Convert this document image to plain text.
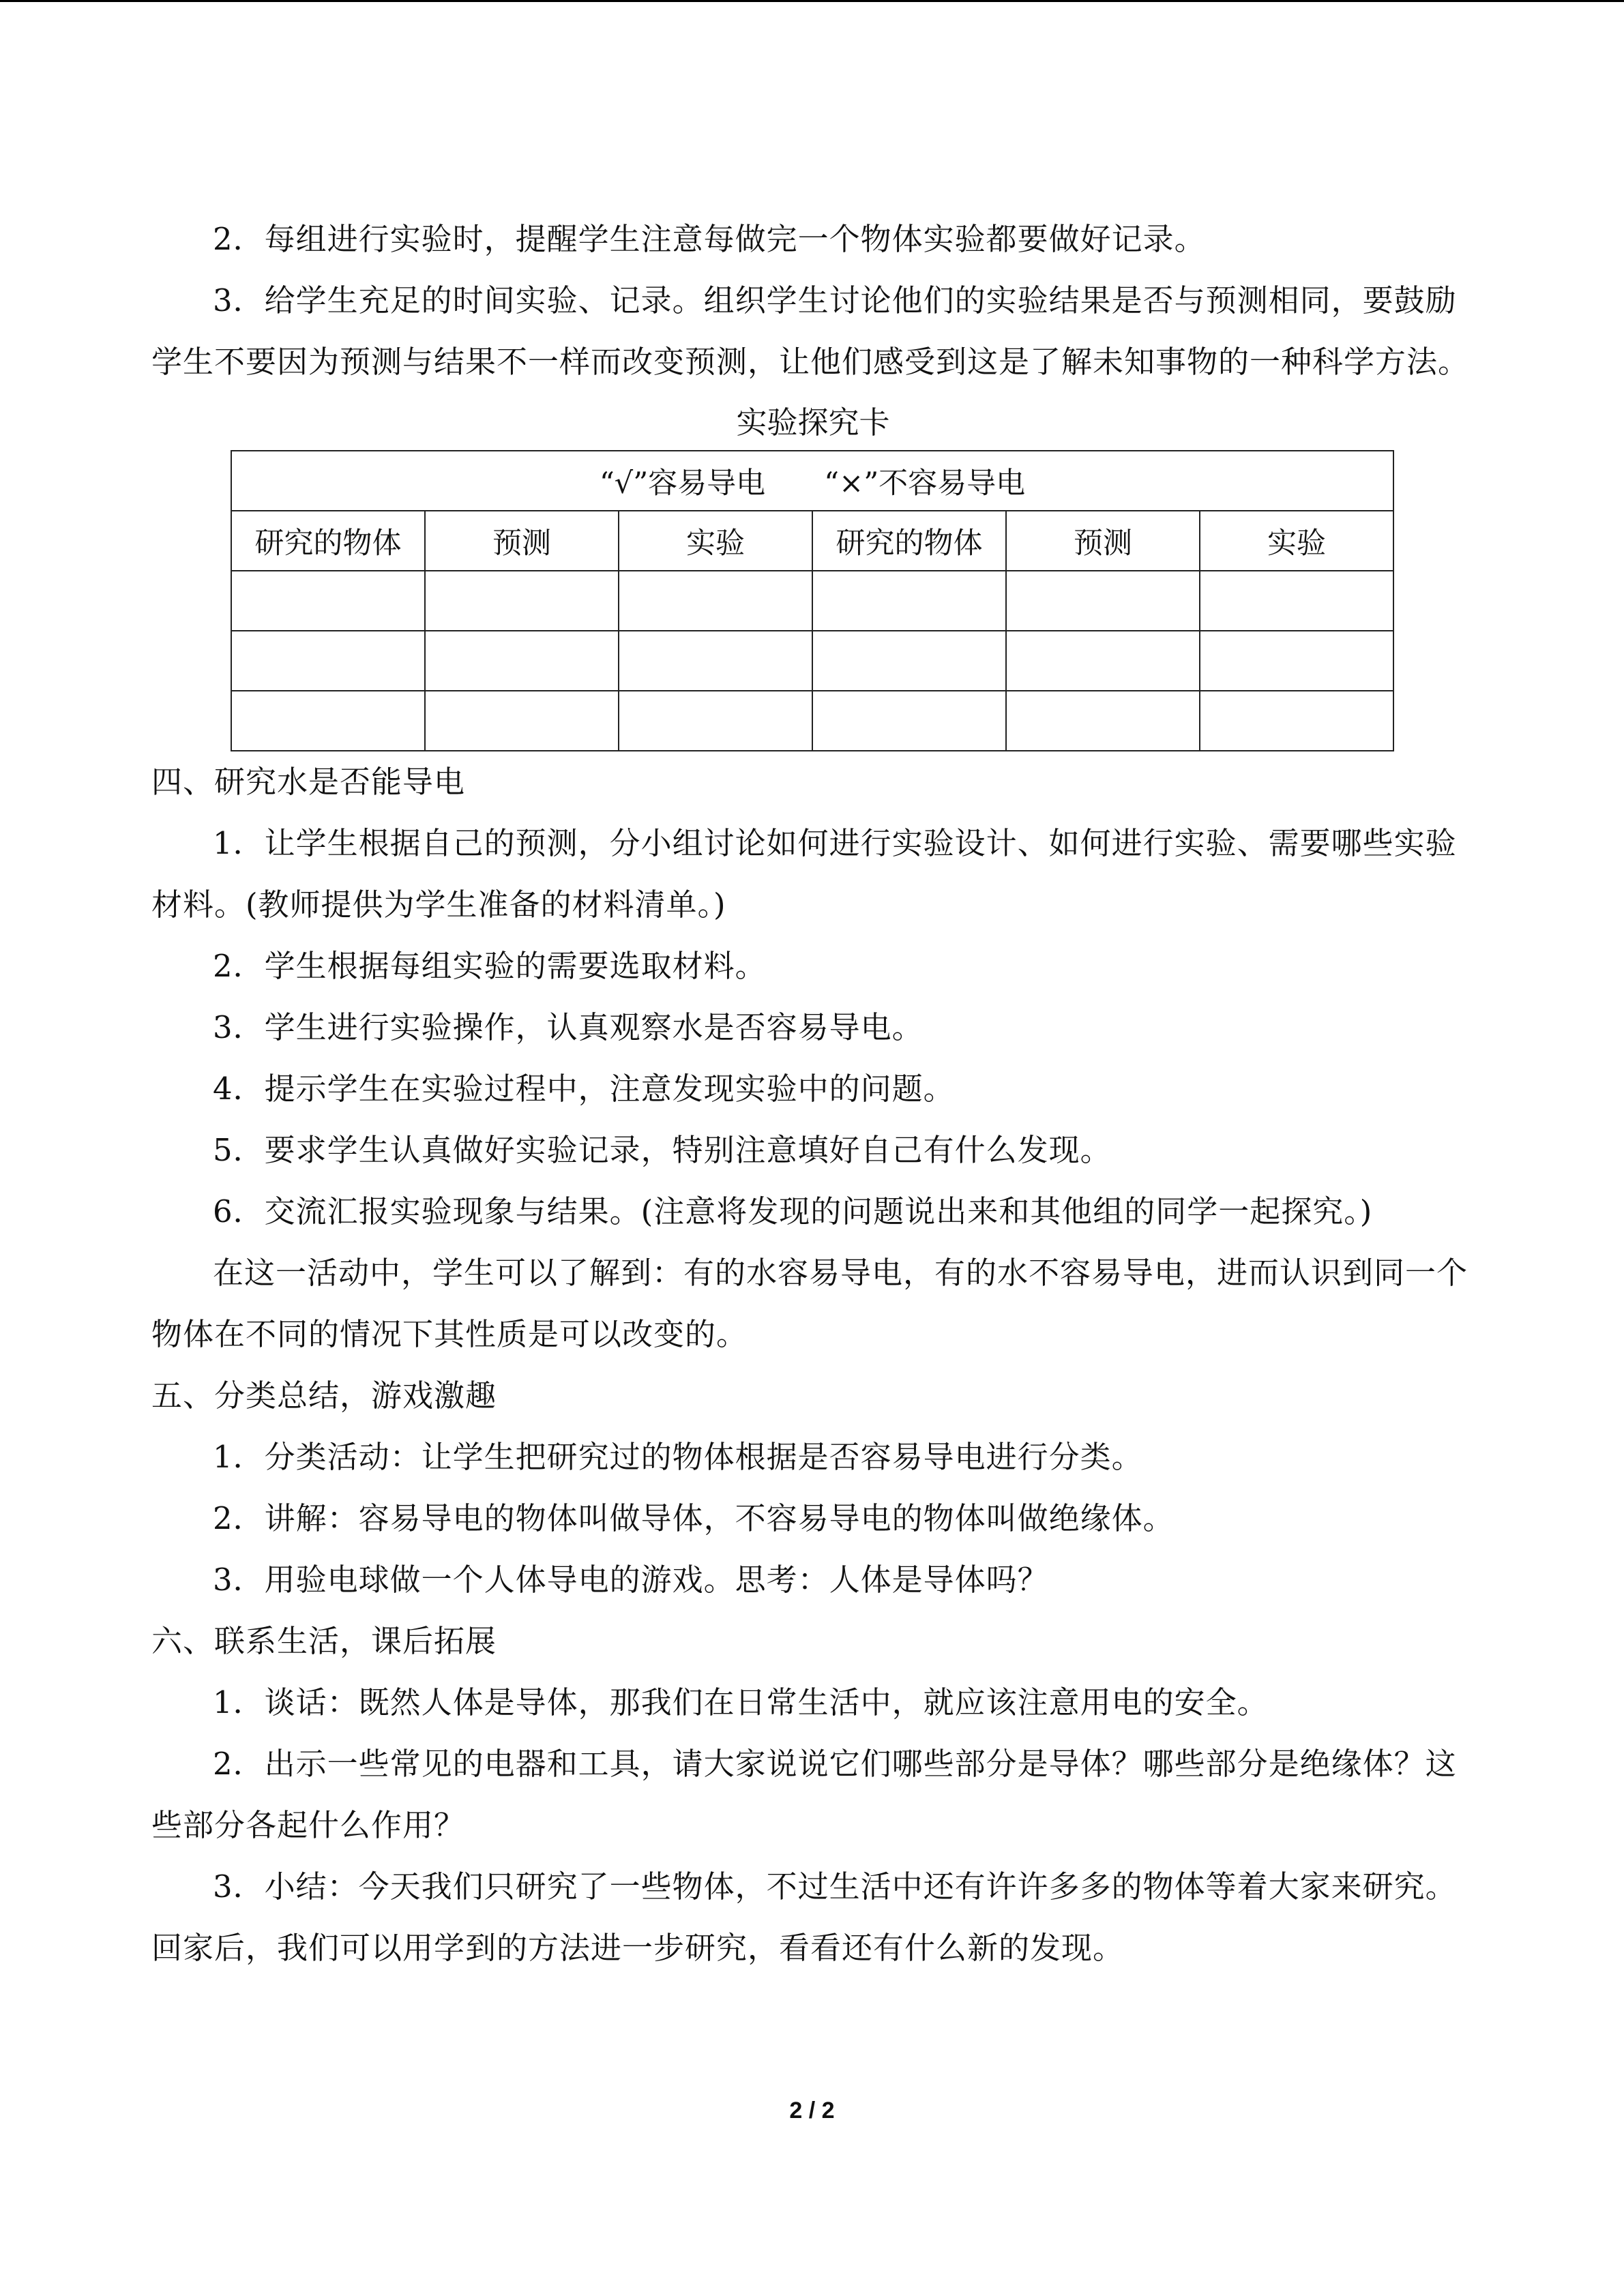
2．每组进行实验时，提醒学生注意每做完一个物体实验都要做好记录。

3．给学生充足的时间实验、记录。组织学生讨论他们的实验结果是否与预测相同，要鼓励学生不要因为预测与结果不一样而改变预测，让他们感受到这是了解未知事物的一种科学方法。

实验探究卡

“√”容易导电　　“×”不容易导电					
研究的物体	预测	实验	研究的物体	预测	实验

四、研究水是否能导电

1．让学生根据自己的预测，分小组讨论如何进行实验设计、如何进行实验、需要哪些实验材料。(教师提供为学生准备的材料清单。)

2．学生根据每组实验的需要选取材料。

3．学生进行实验操作，认真观察水是否容易导电。

4．提示学生在实验过程中，注意发现实验中的问题。

5．要求学生认真做好实验记录，特别注意填好自己有什么发现。

6．交流汇报实验现象与结果。(注意将发现的问题说出来和其他组的同学一起探究。)

在这一活动中，学生可以了解到：有的水容易导电，有的水不容易导电，进而认识到同一个物体在不同的情况下其性质是可以改变的。

五、分类总结，游戏激趣

1．分类活动：让学生把研究过的物体根据是否容易导电进行分类。

2．讲解：容易导电的物体叫做导体，不容易导电的物体叫做绝缘体。

3．用验电球做一个人体导电的游戏。思考：人体是导体吗？

六、联系生活，课后拓展

1．谈话：既然人体是导体，那我们在日常生活中，就应该注意用电的安全。

2．出示一些常见的电器和工具，请大家说说它们哪些部分是导体？哪些部分是绝缘体？这些部分各起什么作用？

3．小结：今天我们只研究了一些物体，不过生活中还有许许多多的物体等着大家来研究。回家后，我们可以用学到的方法进一步研究，看看还有什么新的发现。

2 / 2
